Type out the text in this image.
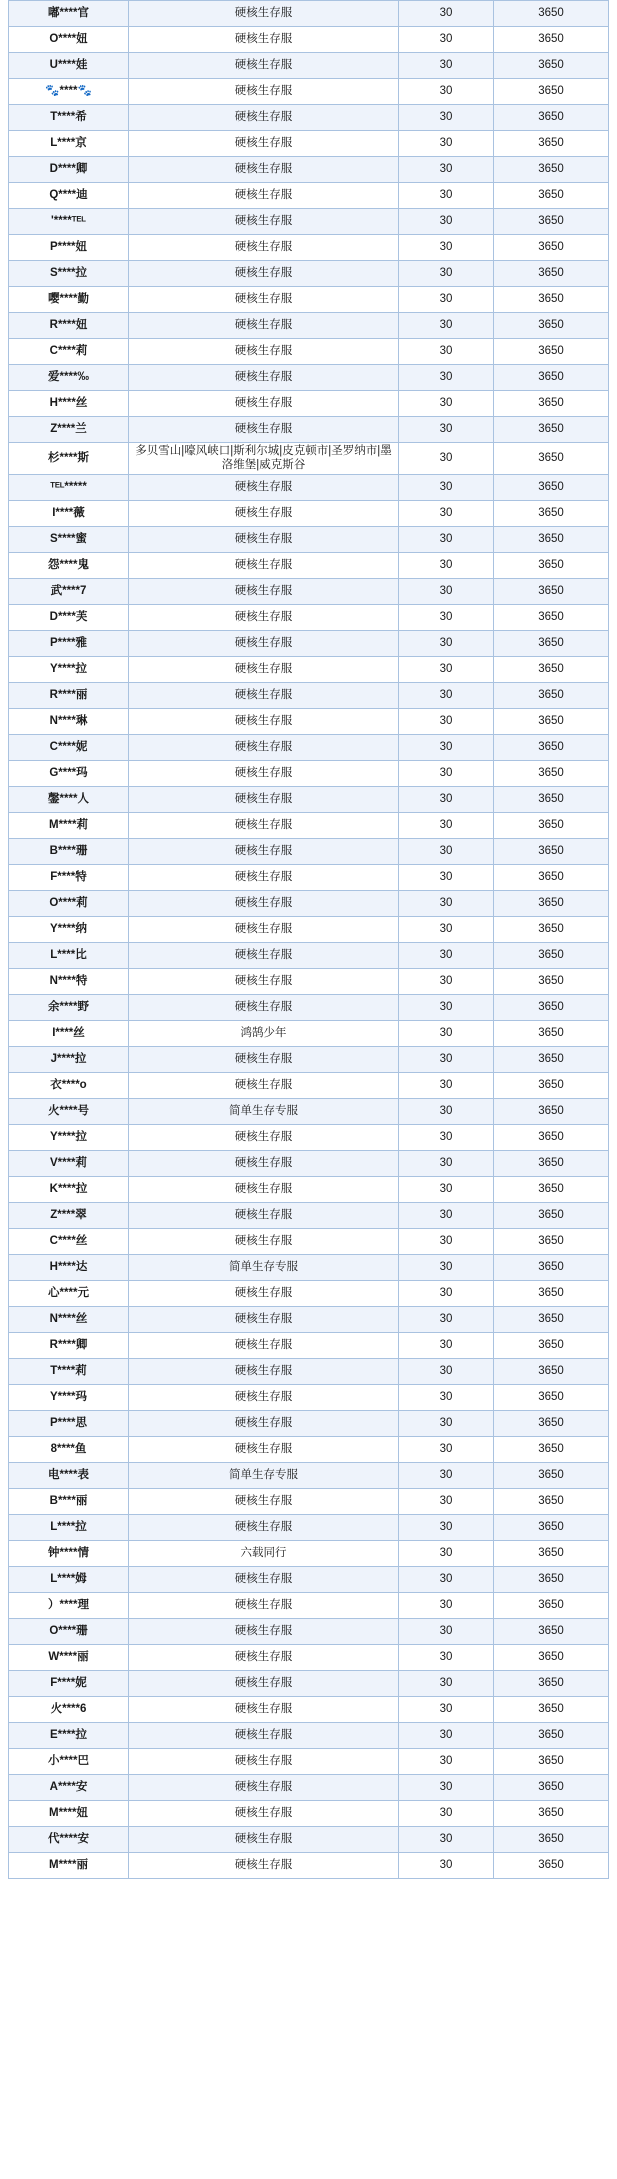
嘟****官	硬核生存服	30	3650
O****妞	硬核生存服	30	3650
U****娃	硬核生存服	30	3650
🐾****🐾	硬核生存服	30	3650
T****希	硬核生存服	30	3650
L****京	硬核生存服	30	3650
D****卿	硬核生存服	30	3650
Q****迪	硬核生存服	30	3650
'****ᵀᴱᴸ	硬核生存服	30	3650
P****妞	硬核生存服	30	3650
S****拉	硬核生存服	30	3650
嘤****勤	硬核生存服	30	3650
R****妞	硬核生存服	30	3650
C****莉	硬核生存服	30	3650
爱****‰	硬核生存服	30	3650
H****丝	硬核生存服	30	3650
Z****兰	硬核生存服	30	3650
杉****斯	多贝雪山|嚎风峡口|斯利尔城|皮克顿市|圣罗纳市|墨洛维堡|威克斯谷	30	3650
ᵀᴱᴸ*****	硬核生存服	30	3650
I****薇	硬核生存服	30	3650
S****蜜	硬核生存服	30	3650
怨****鬼	硬核生存服	30	3650
武****7	硬核生存服	30	3650
D****芙	硬核生存服	30	3650
P****雅	硬核生存服	30	3650
Y****拉	硬核生存服	30	3650
R****丽	硬核生存服	30	3650
N****琳	硬核生存服	30	3650
C****妮	硬核生存服	30	3650
G****玛	硬核生存服	30	3650
鏧****人	硬核生存服	30	3650
M****莉	硬核生存服	30	3650
B****珊	硬核生存服	30	3650
F****特	硬核生存服	30	3650
O****莉	硬核生存服	30	3650
Y****纳	硬核生存服	30	3650
L****比	硬核生存服	30	3650
N****特	硬核生存服	30	3650
余****野	硬核生存服	30	3650
I****丝	鸿鹄少年	30	3650
J****拉	硬核生存服	30	3650
衣****o	硬核生存服	30	3650
火****号	简单生存专服	30	3650
Y****拉	硬核生存服	30	3650
V****莉	硬核生存服	30	3650
K****拉	硬核生存服	30	3650
Z****翠	硬核生存服	30	3650
C****丝	硬核生存服	30	3650
H****达	简单生存专服	30	3650
心****元	硬核生存服	30	3650
N****丝	硬核生存服	30	3650
R****卿	硬核生存服	30	3650
T****莉	硬核生存服	30	3650
Y****玛	硬核生存服	30	3650
P****思	硬核生存服	30	3650
8****鱼	硬核生存服	30	3650
电****表	简单生存专服	30	3650
B****丽	硬核生存服	30	3650
L****拉	硬核生存服	30	3650
钟****情	六载同行	30	3650
L****姆	硬核生存服	30	3650
）****理	硬核生存服	30	3650
O****珊	硬核生存服	30	3650
W****丽	硬核生存服	30	3650
F****妮	硬核生存服	30	3650
火****6	硬核生存服	30	3650
E****拉	硬核生存服	30	3650
小****巴	硬核生存服	30	3650
A****安	硬核生存服	30	3650
M****妞	硬核生存服	30	3650
代****安	硬核生存服	30	3650
M****丽	硬核生存服	30	3650
